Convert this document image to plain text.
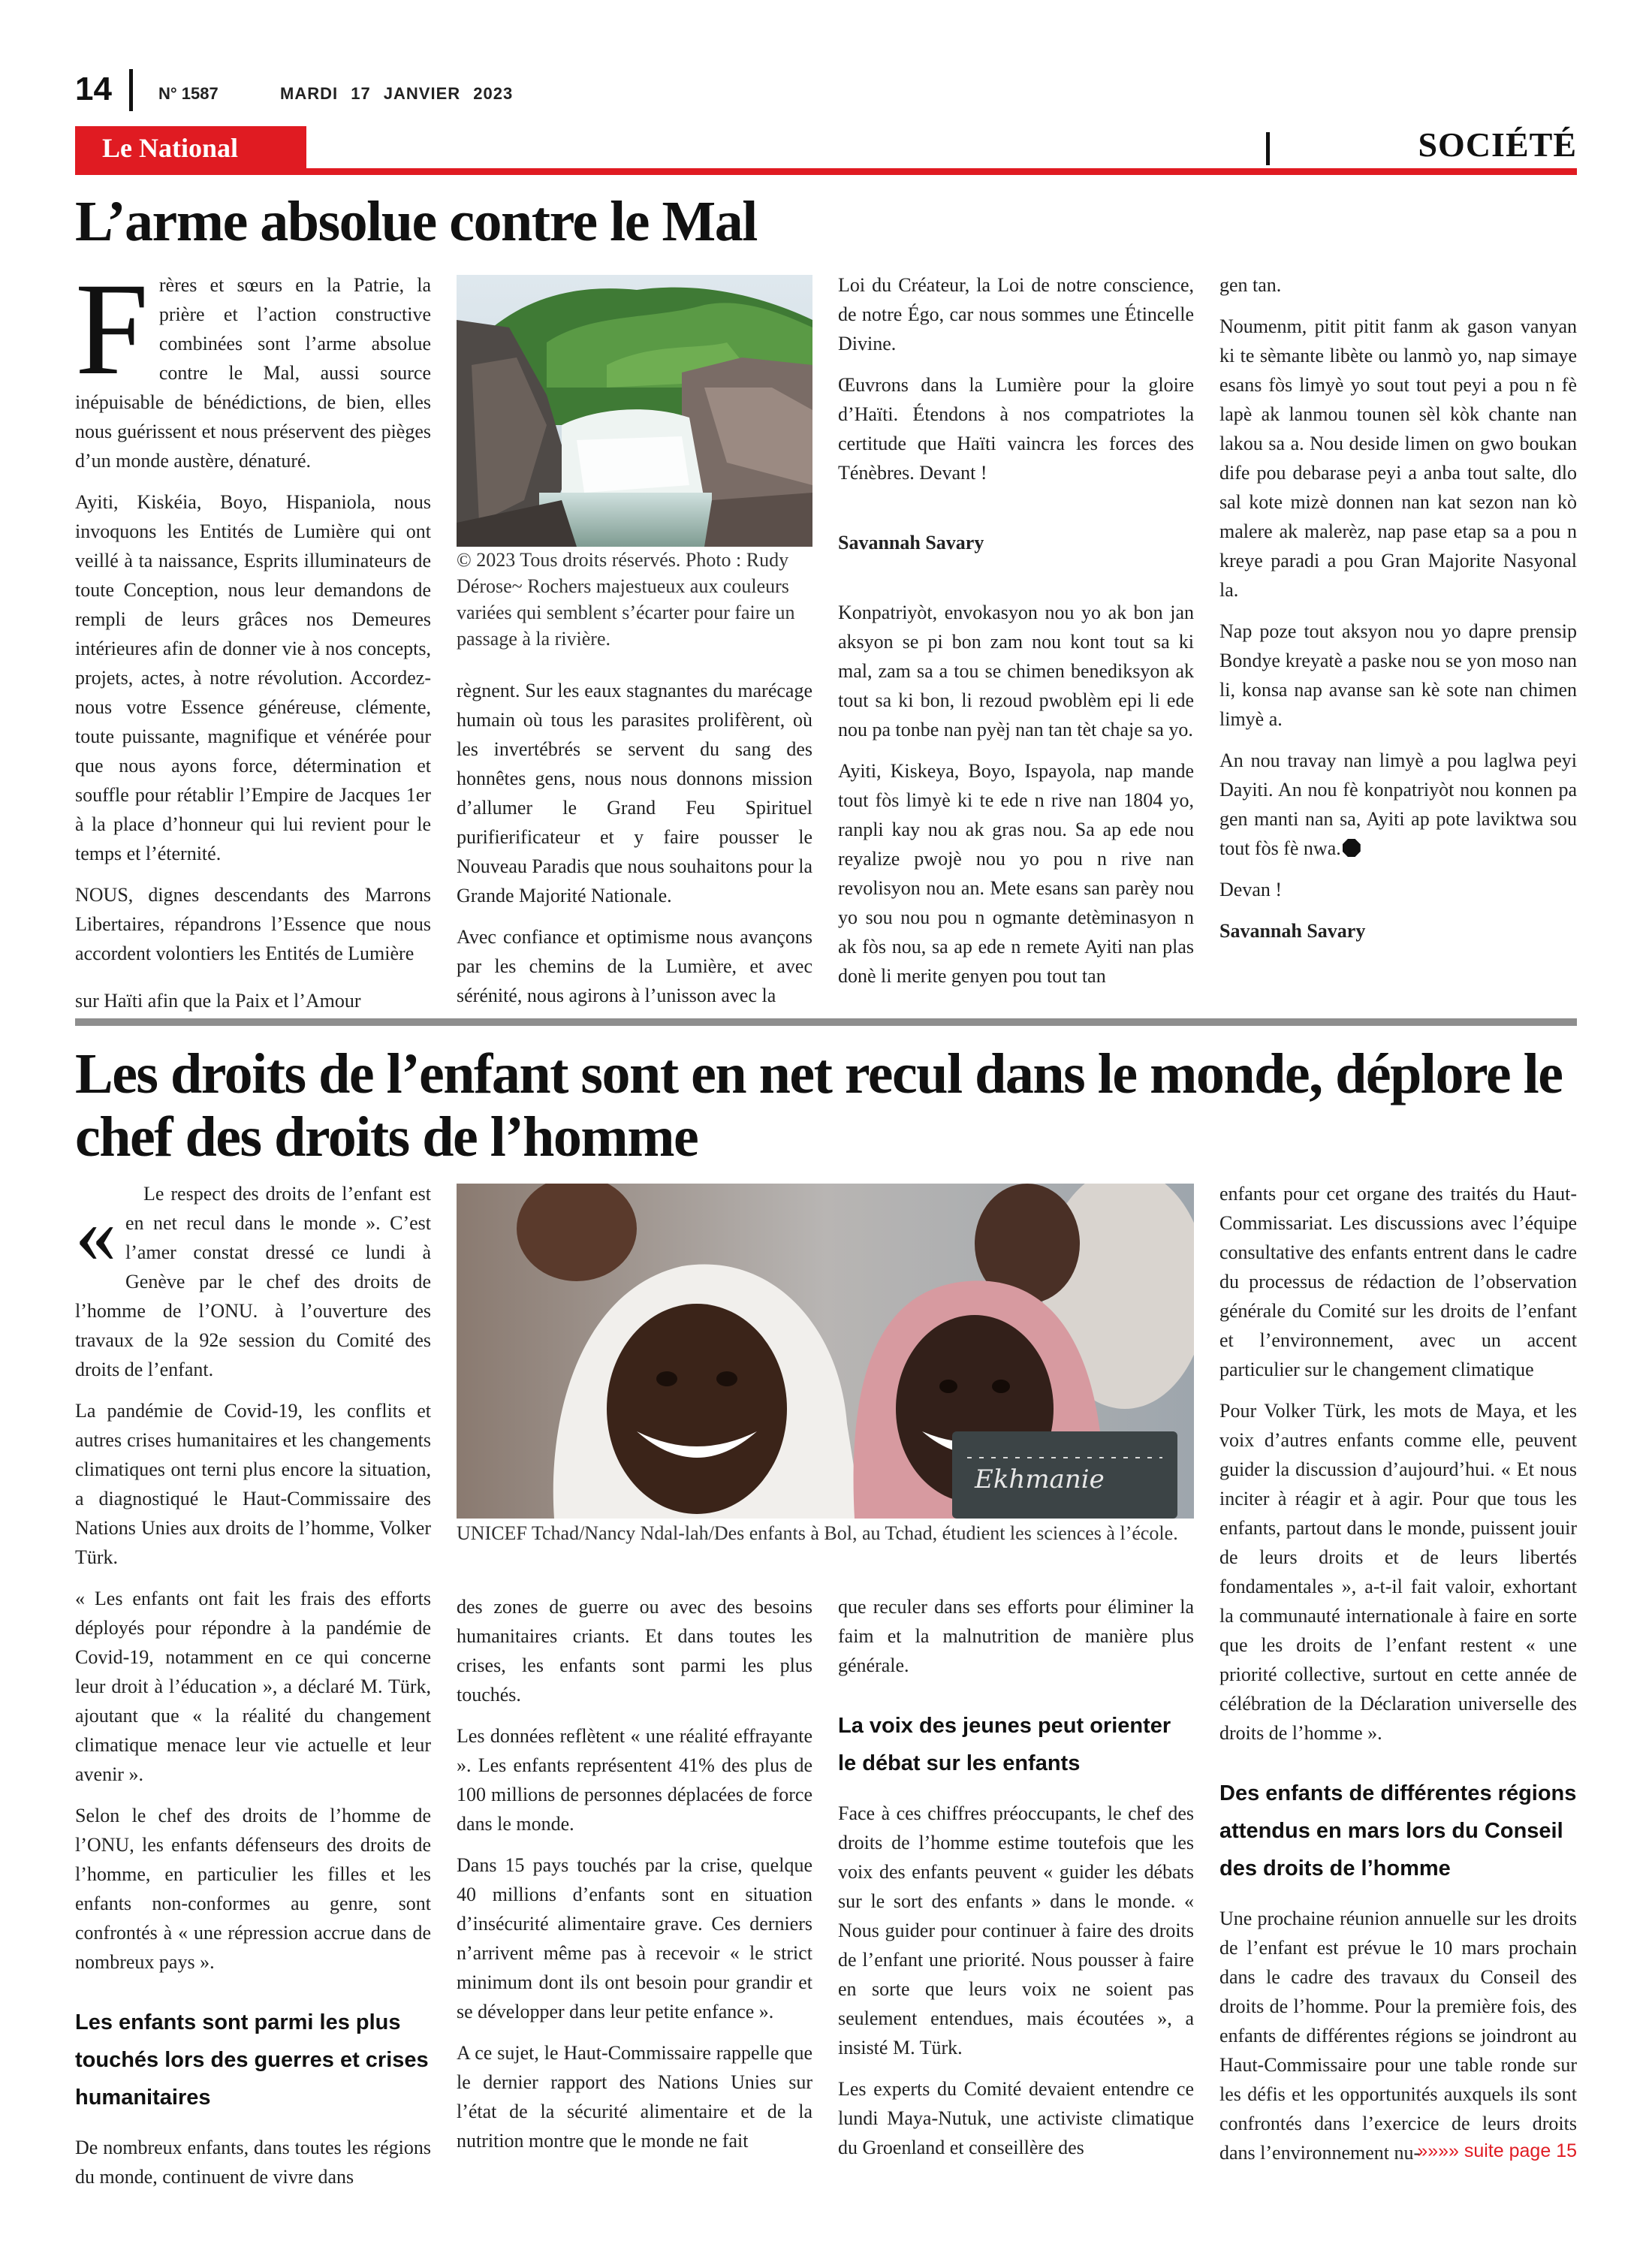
14	N° 1587	MARDI 17 JANVIER 2023
Le National	SOCIÉTÉ
L’arme absolue contre le Mal

Frères et sœurs en la Patrie, la prière et l’action constructive combinées sont l’arme absolue contre le Mal, aussi source inépuisable de bénédictions, de bien, elles nous guérissent et nous préservent des pièges d’un monde austère, dénaturé.

Ayiti, Kiskéia, Boyo, Hispaniola, nous invoquons les Entités de Lumière qui ont veillé à ta naissance, Esprits illuminateurs de toute Conception, nous leur demandons de rempli de leurs grâces nos Demeures intérieures afin de donner vie à nos concepts, projets, actes, à notre révolution. Accordez-nous votre Essence généreuse, clémente, toute puissante, magnifique et vénérée pour que nous ayons force, détermination et souffle pour rétablir l’Empire de Jacques 1er à la place d’honneur qui lui revient pour le temps et l’éternité.

NOUS, dignes descendants des Marrons Libertaires, répandrons l’Essence que nous accordent volontiers les Entités de Lumière

sur Haïti afin que la Paix et l’Amour

© 2023 Tous droits réservés. Photo : Rudy Dérose~ Rochers majestueux aux couleurs variées qui semblent s’écarter pour faire un passage à la rivière.

règnent. Sur les eaux stagnantes du marécage humain où tous les parasites prolifèrent, où les invertébrés se servent du sang des honnêtes gens, nous nous donnons mission d’allumer le Grand Feu Spirituel purifierificateur et y faire pousser le Nouveau Paradis que nous souhaitons pour la Grande Majorité Nationale.

Avec confiance et optimisme nous avançons par les chemins de la Lumière, et avec sérénité, nous agirons à l’unisson avec la

Loi du Créateur, la Loi de notre conscience, de notre Égo, car nous sommes une Étincelle Divine.

Œuvrons dans la Lumière pour la gloire d’Haïti. Étendons à nos compatriotes la certitude que Haïti vaincra les forces des Ténèbres. Devant !

Savannah Savary

Konpatriyòt, envokasyon nou yo ak bon jan aksyon se pi bon zam nou kont tout sa ki mal, zam sa a tou se chimen benediksyon ak tout sa ki bon, li rezoud pwoblèm epi li ede nou pa tonbe nan pyèj nan tan tèt chaje sa yo.

Ayiti, Kiskeya, Boyo, Ispayola, nap mande tout fòs limyè ki te ede n rive nan 1804 yo, ranpli kay nou ak gras nou. Sa ap ede nou reyalize pwojè nou yo pou n rive nan revolisyon nou an. Mete esans san parèy nou yo sou nou pou n ogmante detèminasyon n ak fòs nou, sa ap ede n remete Ayiti nan plas donè li merite genyen pou tout tan

gen tan.

Noumenm, pitit pitit fanm ak gason vanyan ki te sèmante libète ou lanmò yo, nap simaye esans fòs limyè yo sout tout peyi a pou n fè lapè ak lanmou tounen sèl kòk chante nan lakou sa a. Nou deside limen on gwo boukan dife pou debarase peyi a anba tout salte, dlo sal kote mizè donnen nan kat sezon nan kò malere ak malerèz, nap pase etap sa a pou n kreye paradi a pou Gran Majorite Nasyonal la.

Nap poze tout aksyon nou yo dapre prensip Bondye kreyatè a paske nou se yon moso nan li, konsa nap avanse san kè sote nan chimen limyè a.

An nou travay nan limyè a pou laglwa peyi Dayiti. An nou fè konpatriyòt nou konnen pa gen manti nan sa, Ayiti ap pote laviktwa sou tout fòs fè nwa.

Devan !

Savannah Savary

Les droits de l’enfant sont en net recul dans le monde, déplore le chef des droits de l’homme

« Le respect des droits de l’enfant est en net recul dans le monde ». C’est l’amer constat dressé ce lundi à Genève par le chef des droits de l’homme de l’ONU. à l’ouverture des travaux de la 92e session du Comité des droits de l’enfant.

La pandémie de Covid-19, les conflits et autres crises humanitaires et les changements climatiques ont terni plus encore la situation, a diagnostiqué le Haut-Commissaire des Nations Unies aux droits de l’homme, Volker Türk.

« Les enfants ont fait les frais des efforts déployés pour répondre à la pandémie de Covid-19, notamment en ce qui concerne leur droit à l’éducation », a déclaré M. Türk, ajoutant que « la réalité du changement climatique menace leur vie actuelle et leur avenir ».

Selon le chef des droits de l’homme de l’ONU, les enfants défenseurs des droits de l’homme, en particulier les filles et les enfants non-conformes au genre, sont confrontés à « une répression accrue dans de nombreux pays ».

Les enfants sont parmi les plus touchés lors des guerres et crises humanitaires

De nombreux enfants, dans toutes les régions du monde, continuent de vivre dans

Ekhmanie
UNICEF Tchad/Nancy Ndal-lah/Des enfants à Bol, au Tchad, étudient les sciences à l’école.

des zones de guerre ou avec des besoins humanitaires criants. Et dans toutes les crises, les enfants sont parmi les plus touchés.

Les données reflètent « une réalité effrayante ». Les enfants représentent 41% des plus de 100 millions de personnes déplacées de force dans le monde.

Dans 15 pays touchés par la crise, quelque 40 millions d’enfants sont en situation d’insécurité alimentaire grave. Ces derniers n’arrivent même pas à recevoir « le strict minimum dont ils ont besoin pour grandir et se développer dans leur petite enfance ».

A ce sujet, le Haut-Commissaire rappelle que le dernier rapport des Nations Unies sur l’état de la sécurité alimentaire et de la nutrition montre que le monde ne fait

que reculer dans ses efforts pour éliminer la faim et la malnutrition de manière plus générale.

La voix des jeunes peut orienter le débat sur les enfants

Face à ces chiffres préoccupants, le chef des droits de l’homme estime toutefois que les voix des enfants peuvent « guider les débats sur le sort des enfants » dans le monde. « Nous guider pour continuer à faire des droits de l’enfant une priorité. Nous pousser à faire en sorte que leurs voix ne soient pas seulement entendues, mais écoutées », a insisté M. Türk.

Les experts du Comité devaient entendre ce lundi Maya-Nutuk, une activiste climatique du Groenland et conseillère des

enfants pour cet organe des traités du Haut-Commissariat. Les discussions avec l’équipe consultative des enfants entrent dans le cadre du processus de rédaction de l’observation générale du Comité sur les droits de l’enfant et l’environnement, avec un accent particulier sur le changement climatique

Pour Volker Türk, les mots de Maya, et les voix d’autres enfants comme elle, peuvent guider la discussion d’aujourd’hui. « Et nous inciter à réagir et à agir. Pour que tous les enfants, partout dans le monde, puissent jouir de leurs droits et de leurs libertés fondamentales », a-t-il fait valoir, exhortant la communauté internationale à faire en sorte que les droits de l’enfant restent « une priorité collective, surtout en cette année de célébration de la Déclaration universelle des droits de l’homme ».

Des enfants de différentes régions attendus en mars lors du Conseil des droits de l’homme

Une prochaine réunion annuelle sur les droits de l’enfant est prévue le 10 mars prochain dans le cadre des travaux du Conseil des droits de l’homme. Pour la première fois, des enfants de différentes régions se joindront au Haut-Commissaire pour une table ronde sur les défis et les opportunités auxquels ils sont confrontés dans l’exercice de leurs droits dans l’environnement nu-

»»»» suite page 15
